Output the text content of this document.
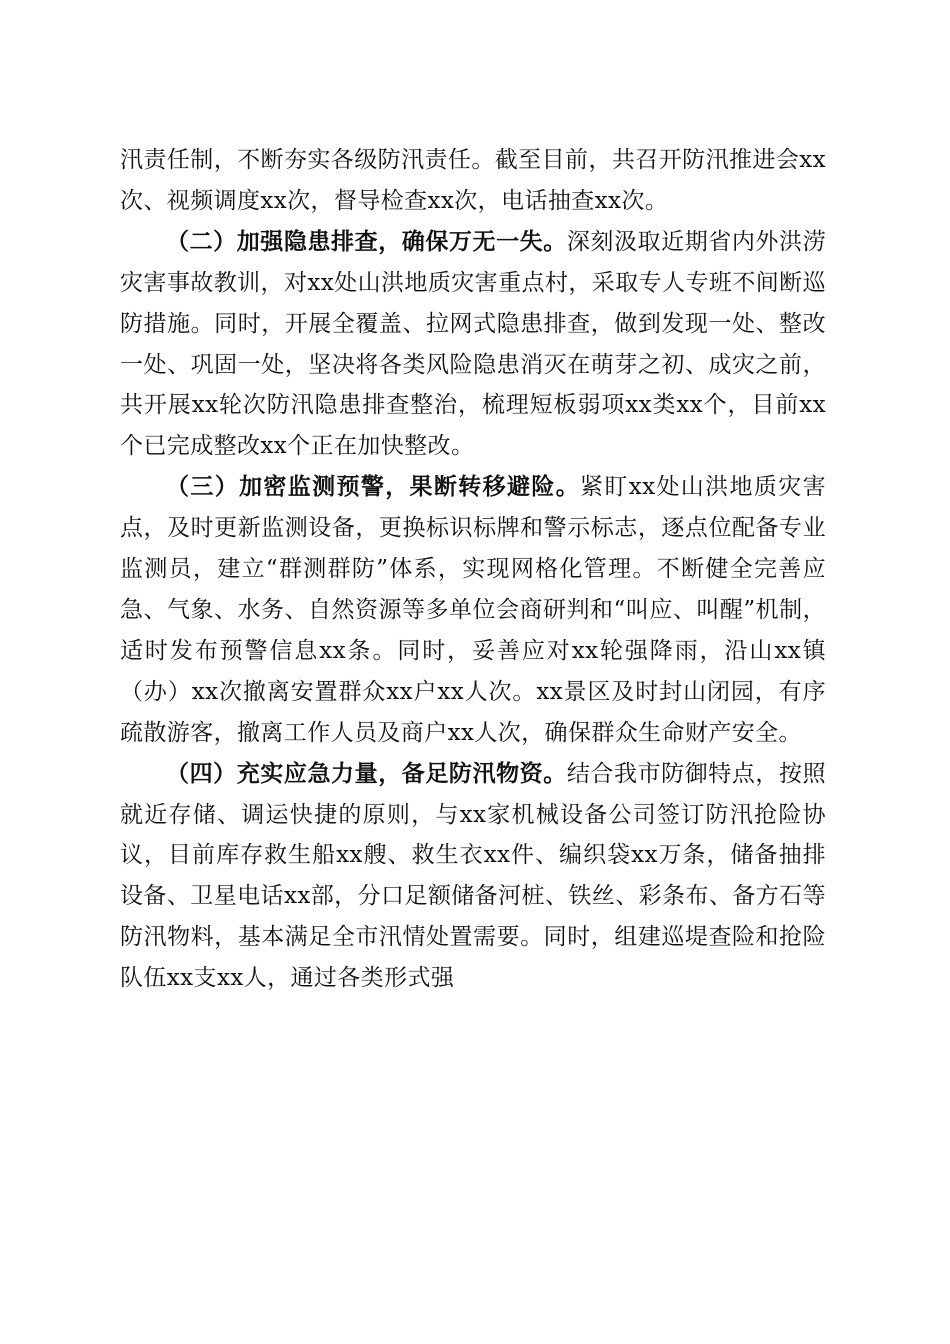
汛责任制，不断夯实各级防汛责任。截至目前，共召开防汛推进会xx次、视频调度xx次，督导检查xx次，电话抽查xx次。

（二）加强隐患排查，确保万无一失。深刻汲取近期省内外洪涝灾害事故教训，对xx处山洪地质灾害重点村，采取专人专班不间断巡防措施。同时，开展全覆盖、拉网式隐患排查，做到发现一处、整改一处、巩固一处，坚决将各类风险隐患消灭在萌芽之初、成灾之前，共开展xx轮次防汛隐患排查整治，梳理短板弱项xx类xx个，目前xx个已完成整改xx个正在加快整改。

（三）加密监测预警，果断转移避险。紧盯xx处山洪地质灾害点，及时更新监测设备，更换标识标牌和警示标志，逐点位配备专业监测员，建立“群测群防”体系，实现网格化管理。不断健全完善应急、气象、水务、自然资源等多单位会商研判和“叫应、叫醒”机制，适时发布预警信息xx条。同时，妥善应对xx轮强降雨，沿山xx镇（办）xx次撤离安置群众xx户xx人次。xx景区及时封山闭园，有序疏散游客，撤离工作人员及商户xx人次，确保群众生命财产安全。

（四）充实应急力量，备足防汛物资。结合我市防御特点，按照就近存储、调运快捷的原则，与xx家机械设备公司签订防汛抢险协议，目前库存救生船xx艘、救生衣xx件、编织袋xx万条，储备抽排设备、卫星电话xx部，分口足额储备河桩、铁丝、彩条布、备方石等防汛物料，基本满足全市汛情处置需要。同时，组建巡堤查险和抢险队伍xx支xx人，通过各类形式强
